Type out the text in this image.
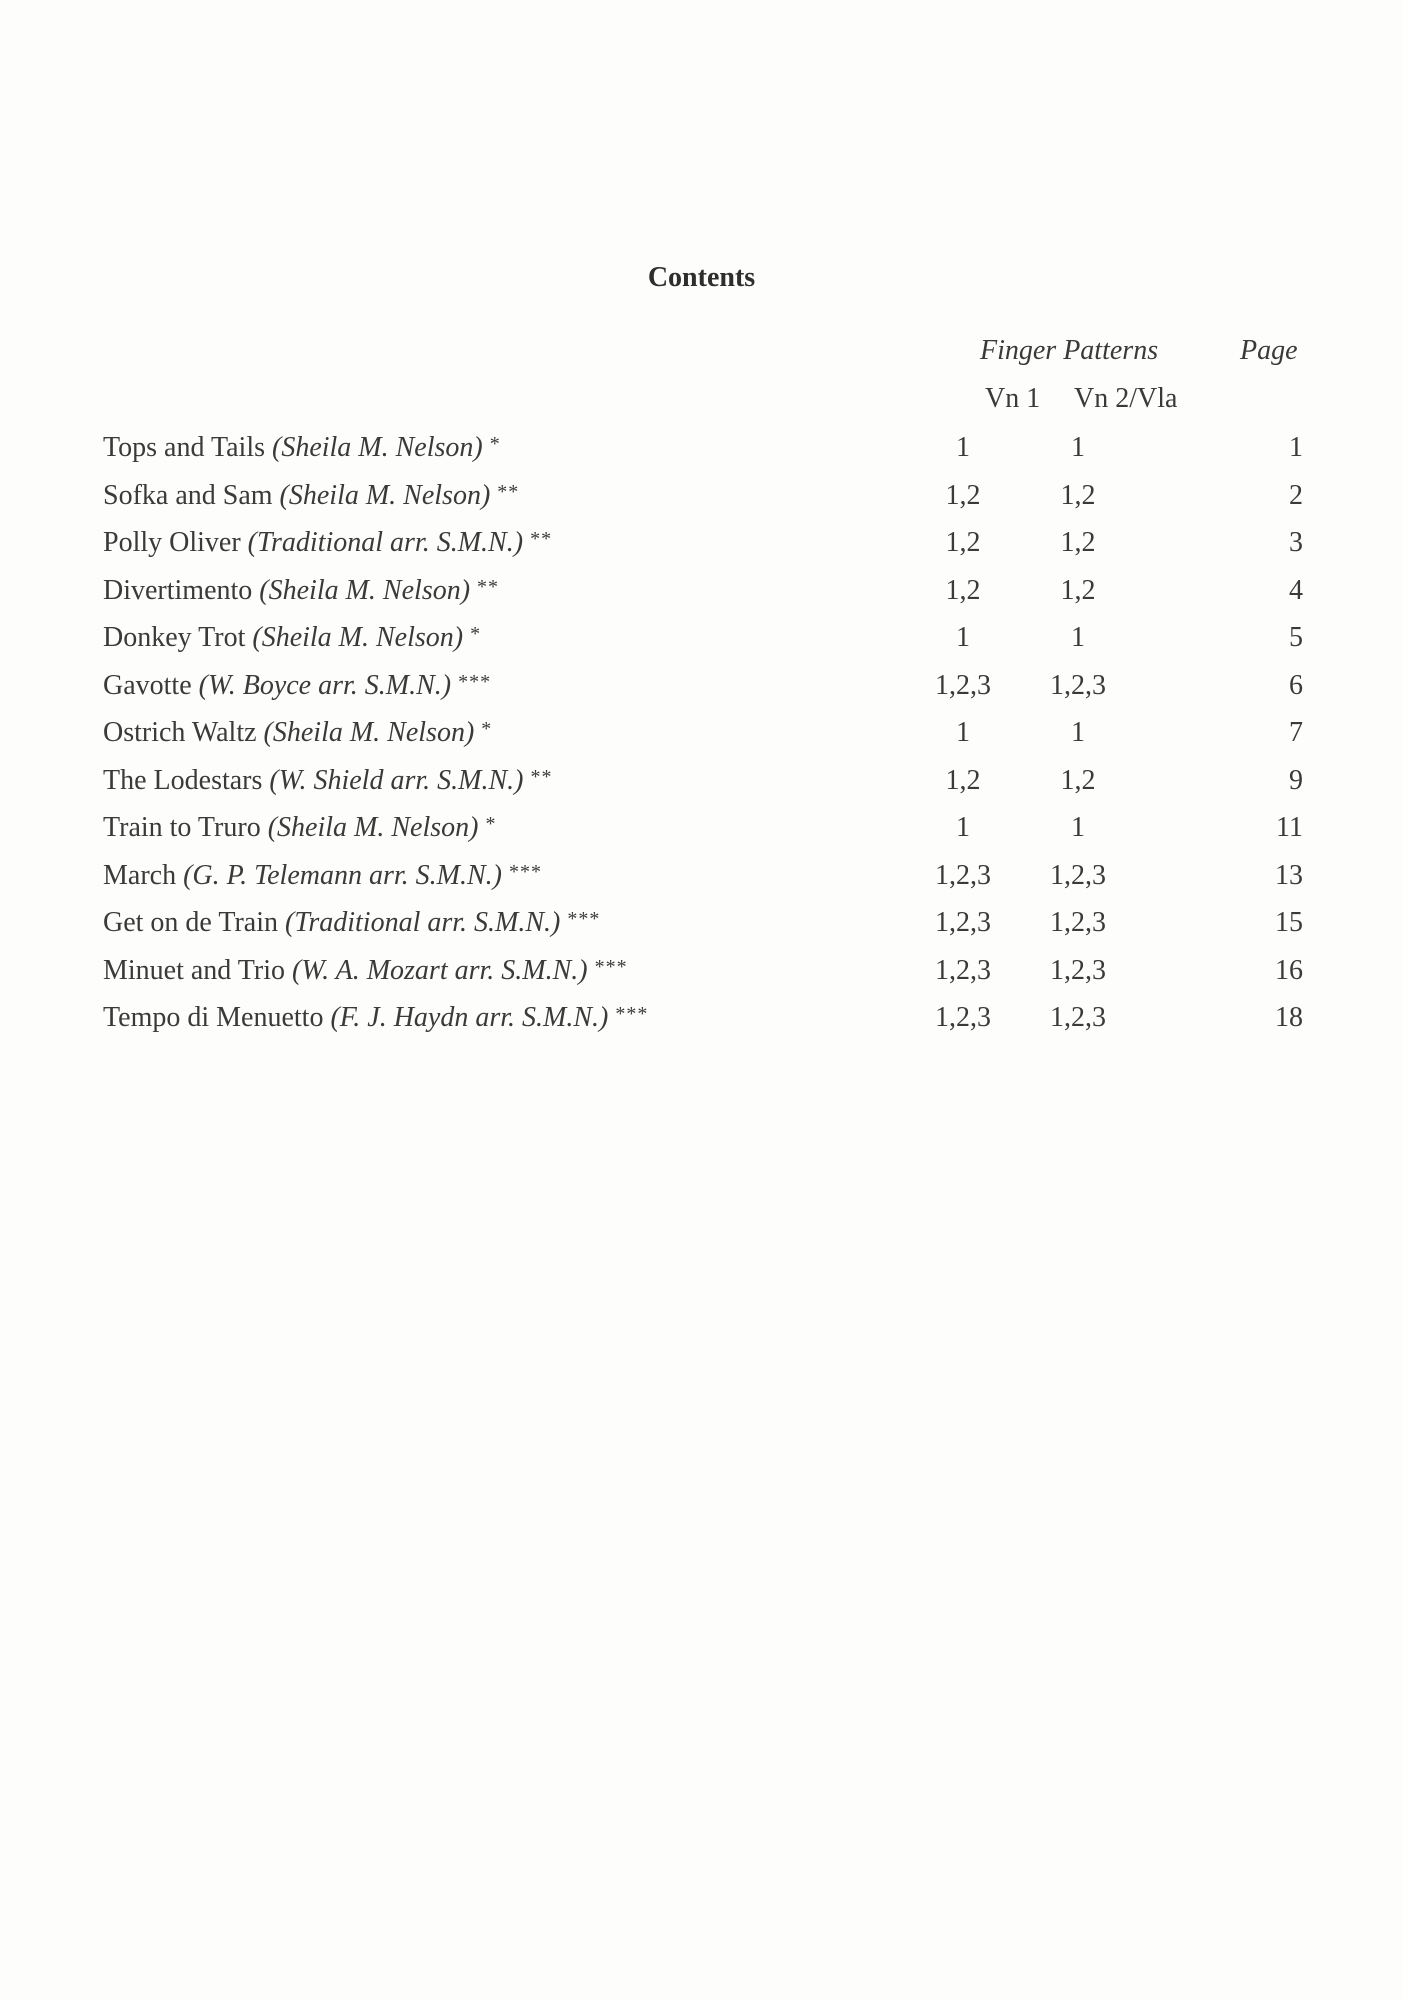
Contents
Finger Patterns	Page
Vn 1 Vn 2/Vla
Tops and Tails (Sheila M. Nelson) *	1	1	1
Sofka and Sam (Sheila M. Nelson) **	1,2	1,2	2
Polly Oliver (Traditional arr. S.M.N.) **	1,2	1,2	3
Divertimento (Sheila M. Nelson) **	1,2	1,2	4
Donkey Trot (Sheila M. Nelson) *	1	1	5
Gavotte (W. Boyce arr. S.M.N.) ***	1,2,3 1,2,3	6
Ostrich Waltz (Sheila M. Nelson) *	1	1	7
The Lodestars (W. Shield arr. S.M.N.) **	1,2	1,2	9
Train to Truro (Sheila M. Nelson) *	1	1	11
March (G. P. Telemann arr. S.M.N.) ***	1,2,3 1,2,3	13
Get on de Train (Traditional arr. S.M.N.) ***	1,2,3 1,2,3	15
Minuet and Trio (W. A. Mozart arr. S.M.N.) ***	1,2,3 1,2,3	16
Tempo di Menuetto (F. J. Haydn arr. S.M.N.) ***	1,2,3 1,2,3	18
